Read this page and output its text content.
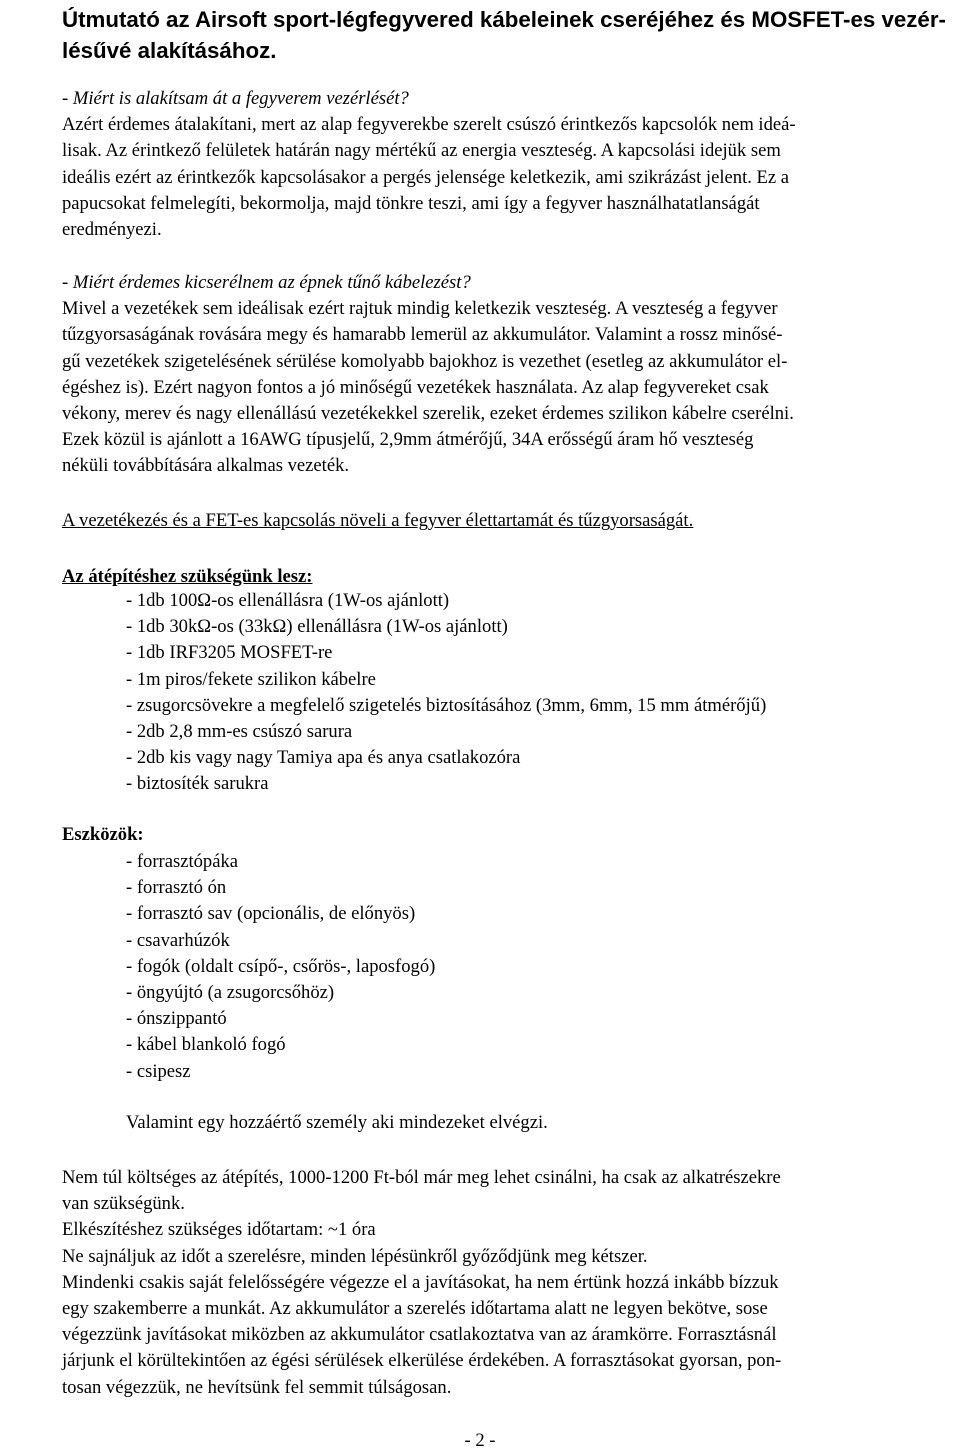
Útmutató az Airsoft sport-légfegyvered kábeleinek cseréjéhez és MOSFET-es vezér-
lésűvé alakításához.

- Miért is alakítsam át a fegyverem vezérlését?

Azért érdemes átalakítani, mert az alap fegyverekbe szerelt csúszó érintkezős kapcsolók nem ideá-

lisak. Az érintkező felületek határán nagy mértékű az energia veszteség. A kapcsolási idejük sem

ideális ezért az érintkezők kapcsolásakor a pergés jelensége keletkezik, ami szikrázást jelent. Ez a

papucsokat felmelegíti, bekormolja, majd tönkre teszi, ami így a fegyver használhatatlanságát

eredményezi.

- Miért érdemes kicserélnem az épnek tűnő kábelezést?

Mivel a vezetékek sem ideálisak ezért rajtuk mindig keletkezik veszteség. A veszteség a fegyver

tűzgyorsaságának rovására megy és hamarabb lemerül az akkumulátor. Valamint a rossz minősé-

gű vezetékek szigetelésének sérülése komolyabb bajokhoz is vezethet (esetleg az akkumulátor el-

égéshez is). Ezért nagyon fontos a jó minőségű vezetékek használata. Az alap fegyvereket csak

vékony, merev és nagy ellenállású vezetékekkel szerelik, ezeket érdemes szilikon kábelre cserélni.

Ezek közül is ajánlott a 16AWG típusjelű, 2,9mm átmérőjű, 34A erősségű áram hő veszteség

néküli továbbítására alkalmas vezeték.

A vezetékezés és a FET-es kapcsolás növeli a fegyver élettartamát és tűzgyorsaságát.

Az átépítéshez szükségünk lesz:

- 1db 100Ω-os ellenállásra (1W-os ajánlott)
- 1db 30kΩ-os (33kΩ) ellenállásra (1W-os ajánlott)
- 1db IRF3205 MOSFET-re
- 1m piros/fekete szilikon kábelre
- zsugorcsövekre a megfelelő szigetelés biztosításához (3mm, 6mm, 15 mm átmérőjű)
- 2db 2,8 mm-es csúszó sarura
- 2db kis vagy nagy Tamiya apa és anya csatlakozóra
- biztosíték sarukra

Eszközök:

- forrasztópáka
- forrasztó ón
- forrasztó sav (opcionális, de előnyös)
- csavarhúzók
- fogók (oldalt csípő-, csőrös-, laposfogó)
- öngyújtó (a zsugorcsőhöz)
- ónszippantó
- kábel blankoló fogó
- csipesz
Valamint egy hozzáértő személy aki mindezeket elvégzi.

Nem túl költséges az átépítés, 1000-1200 Ft-ból már meg lehet csinálni, ha csak az alkatrészekre

van szükségünk.

Elkészítéshez szükséges időtartam: ~1 óra

Ne sajnáljuk az időt a szerelésre, minden lépésünkről győződjünk meg kétszer.

Mindenki csakis saját felelősségére végezze el a javításokat, ha nem értünk hozzá inkább bízzuk

egy szakemberre a munkát. Az akkumulátor a szerelés időtartama alatt ne legyen bekötve, sose

végezzünk javításokat miközben az akkumulátor csatlakoztatva van az áramkörre. Forrasztásnál

járjunk el körültekintően az égési sérülések elkerülése érdekében. A forrasztásokat gyorsan, pon-

tosan végezzük, ne hevítsünk fel semmit túlságosan.

- 2 -
